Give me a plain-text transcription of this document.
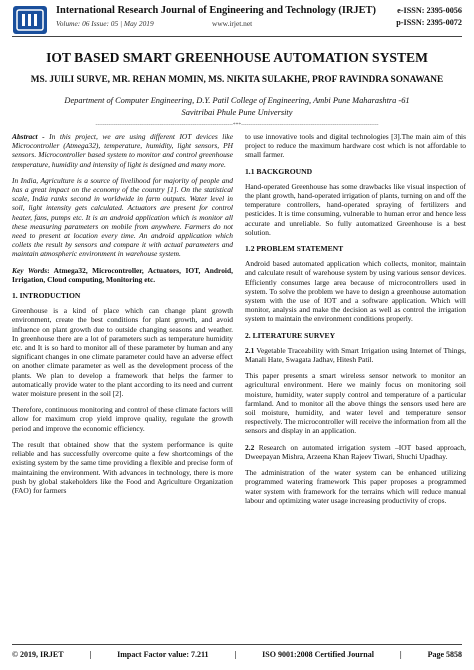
International Research Journal of Engineering and Technology (IRJET)
Volume: 06 Issue: 05 | May 2019	www.irjet.net
e-ISSN: 2395-0056
p-ISSN: 2395-0072
IOT BASED SMART GREENHOUSE AUTOMATION SYSTEM
MS. JUILI SURVE, MR. REHAN MOMIN, MS. NIKITA SULAKHE, PROF RAVINDRA SONAWANE
Department of Computer Engineering, D.Y. Patil College of Engineering, Ambi Pune Maharashtra -61
Savitribai Phule Pune University
---------------------------------------------------------------------------***---------------------------------------------------------------------------

Abstract - In this project, we are using different IOT devices like Microcontroller (Atmega32), temperature, humidity, light sensors, PH sensors. Microcontroller based system to monitor and control greenhouse temperature, humidity and intensity of light is designed and many more.

In India, Agriculture is a source of livelihood for majority of people and has a great impact on the economy of the country [1]. On the statistical scale, India ranks second in worldwide in farm outputs. Water level in soil, light intensity gets calculated. Actuators are present for control heater, fans, pumps etc. It is an android application which is monitor all these measuring parameters on mobile from anywhere. Farmers do not need to present at location every time. An android application which collets the result by sensors and compare it with actual parameters and maintain atmospheric environment in warehouse system.

Key Words: Atmega32, Microcontroller, Actuators, IOT, Android, Irrigation, Cloud computing, Monitoring etc.

1. INTRODUCTION

Greenhouse is a kind of place which can change plant growth environment, create the best conditions for plant growth, and avoid influence on plant growth due to outside changing seasons and weather. In greenhouse there are a lot of parameters such as temperature humidity etc. and It is so hard to monitor all of these parameter by human and any significant changes in one climate parameter could have an adverse effect on another climate parameter as well as the development process of the plants. We plan to develop a framework that helps the farmer to automatically provide water to the plant according to its need and current water moisture present in the soil [2].

Therefore, continuous monitoring and control of these climate factors will allow for maximum crop yield improve quality, regulate the growth period and improve the economic efficiency.

The result that obtained show that the system performance is quite reliable and has successfully overcome quite a few shortcomings of the existing system by the same time providing a flexible and precise form of maintaining the environment. With advances in technology, there is more push by global stakeholders like the Food and Agriculture Organization (FAO) for farmers

to use innovative tools and digital technologies [3].The main aim of this project to reduce the maximum hardware cost which is not affordable to small farmer.

1.1 BACKGROUND

Hand-operated Greenhouse has some drawbacks like visual inspection of the plant growth, hand-operated irrigation of plants, turning on and off the temperature controllers, hand-operated spraying of fertilizers and pesticides. It is time consuming, vulnerable to human error and hence less accurate and unreliable. So fully automatized Greenhouse is a best solution.

1.2 PROBLEM STATEMENT

Android based automated application which collects, monitor, maintain and calculate result of warehouse system by using various sensor devices. Efficiently consumes large area because of microcontrollers used in system. To solve the problem we have to design a greenhouse automation system with the use of IOT and a software application. Which will monitor, analysis and make the decision as well as control the irrigation system to maintain the environment conditions properly.

2. LITERATURE SURVEY

2.1 Vegetable Traceability with Smart Irrigation using Internet of Things, Manali Hate, Swagata Jadhav, Hitesh Patil.

This paper presents a smart wireless sensor network to monitor an agricultural environment. Here we mainly focus on monitoring soil moisture, humidity, water supply control and temperature of a particular farmland. And to monitor all the above things the sensors used here are soil moisture, humidity, and water level and temperature sensor respectively. The microcontroller will receive the information from all the sensors and display in an application.

2.2 Research on automated irrigation system –IOT based approach, Dweepayan Mishra, Arzeena Khan Rajeev Tiwari, Shuchi Upadhay.

The administration of the water system can be enhanced utilizing programmed watering framework This paper proposes a programmed water system with framework for the terrains which will reduce manual labour and optimizing water usage increasing productivity of crops.

© 2019, IRJET	|	Impact Factor value: 7.211	|	ISO 9001:2008 Certified Journal	|	Page 5858
